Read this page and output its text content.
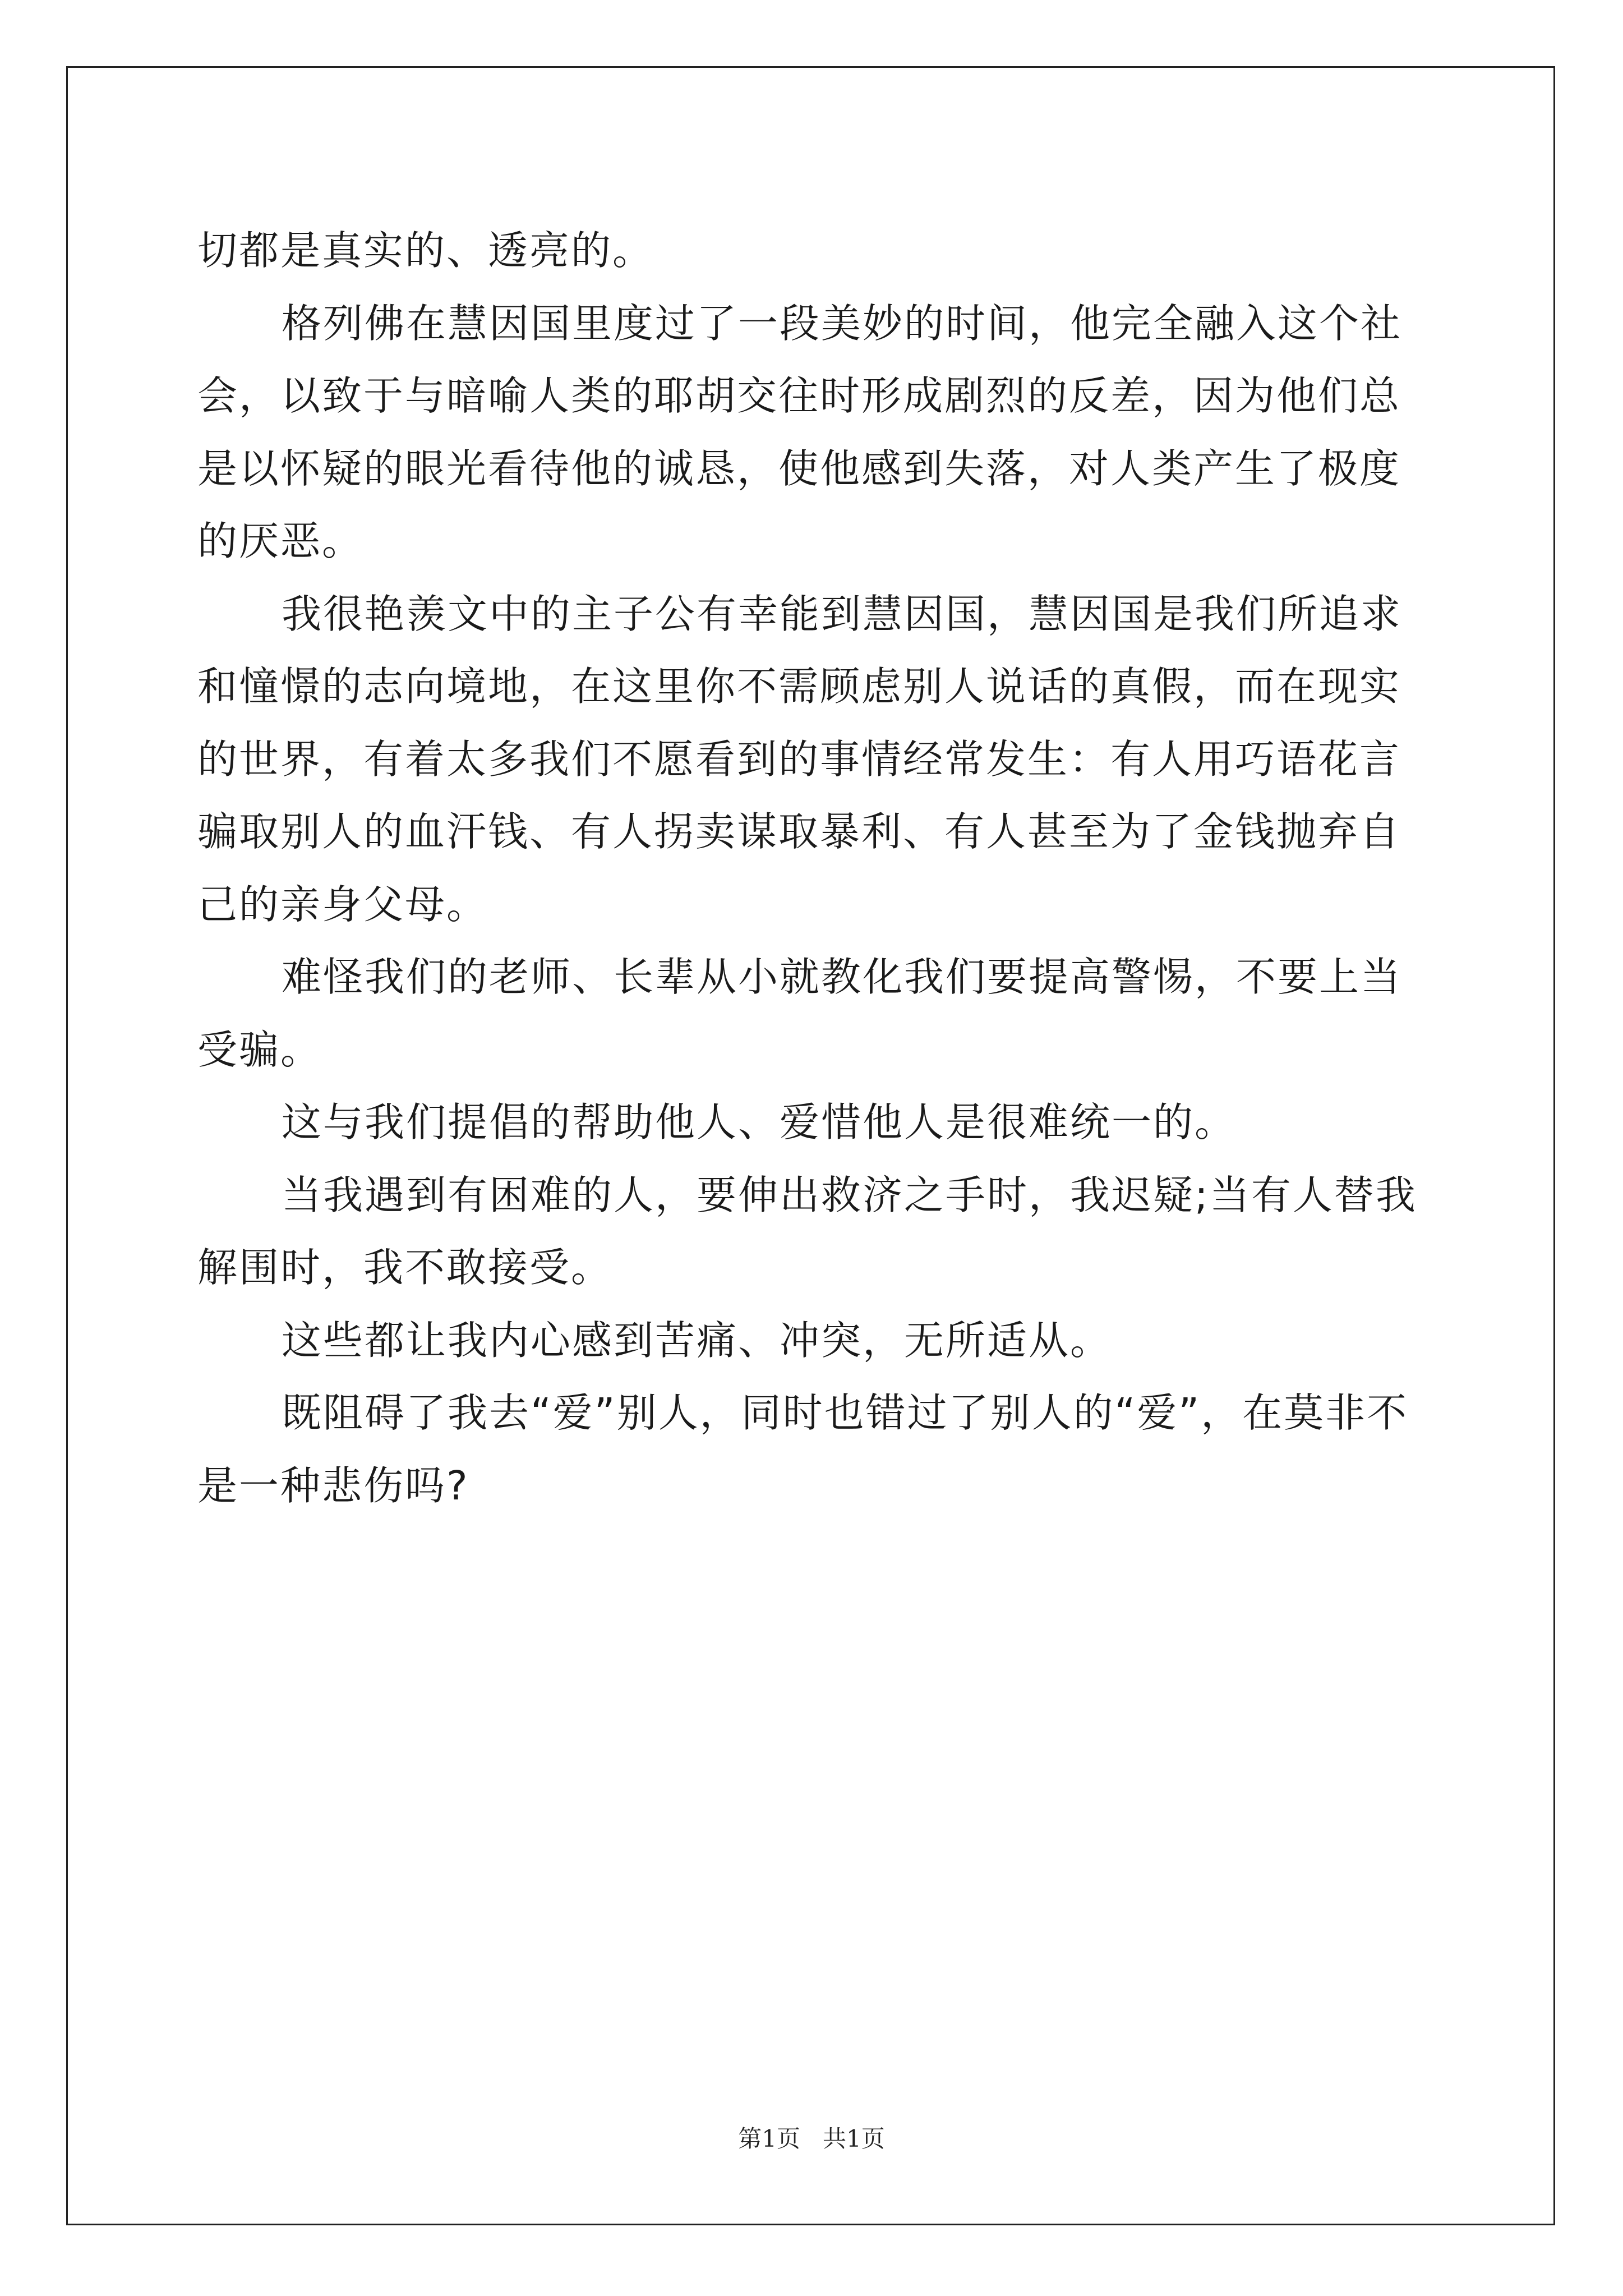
切都是真实的、透亮的。

格列佛在慧因国里度过了一段美妙的时间，他完全融入这个社会，以致于与暗喻人类的耶胡交往时形成剧烈的反差，因为他们总是以怀疑的眼光看待他的诚恳，使他感到失落，对人类产生了极度的厌恶。

我很艳羡文中的主子公有幸能到慧因国，慧因国是我们所追求和憧憬的志向境地，在这里你不需顾虑别人说话的真假，而在现实的世界，有着太多我们不愿看到的事情经常发生：有人用巧语花言骗取别人的血汗钱、有人拐卖谋取暴利、有人甚至为了金钱抛弃自己的亲身父母。

难怪我们的老师、长辈从小就教化我们要提高警惕，不要上当受骗。

这与我们提倡的帮助他人、爱惜他人是很难统一的。

当我遇到有困难的人，要伸出救济之手时，我迟疑;当有人替我解围时，我不敢接受。

这些都让我内心感到苦痛、冲突，无所适从。

既阻碍了我去“爱”别人，同时也错过了别人的“爱”，在莫非不是一种悲伤吗?

第1页   共1页
